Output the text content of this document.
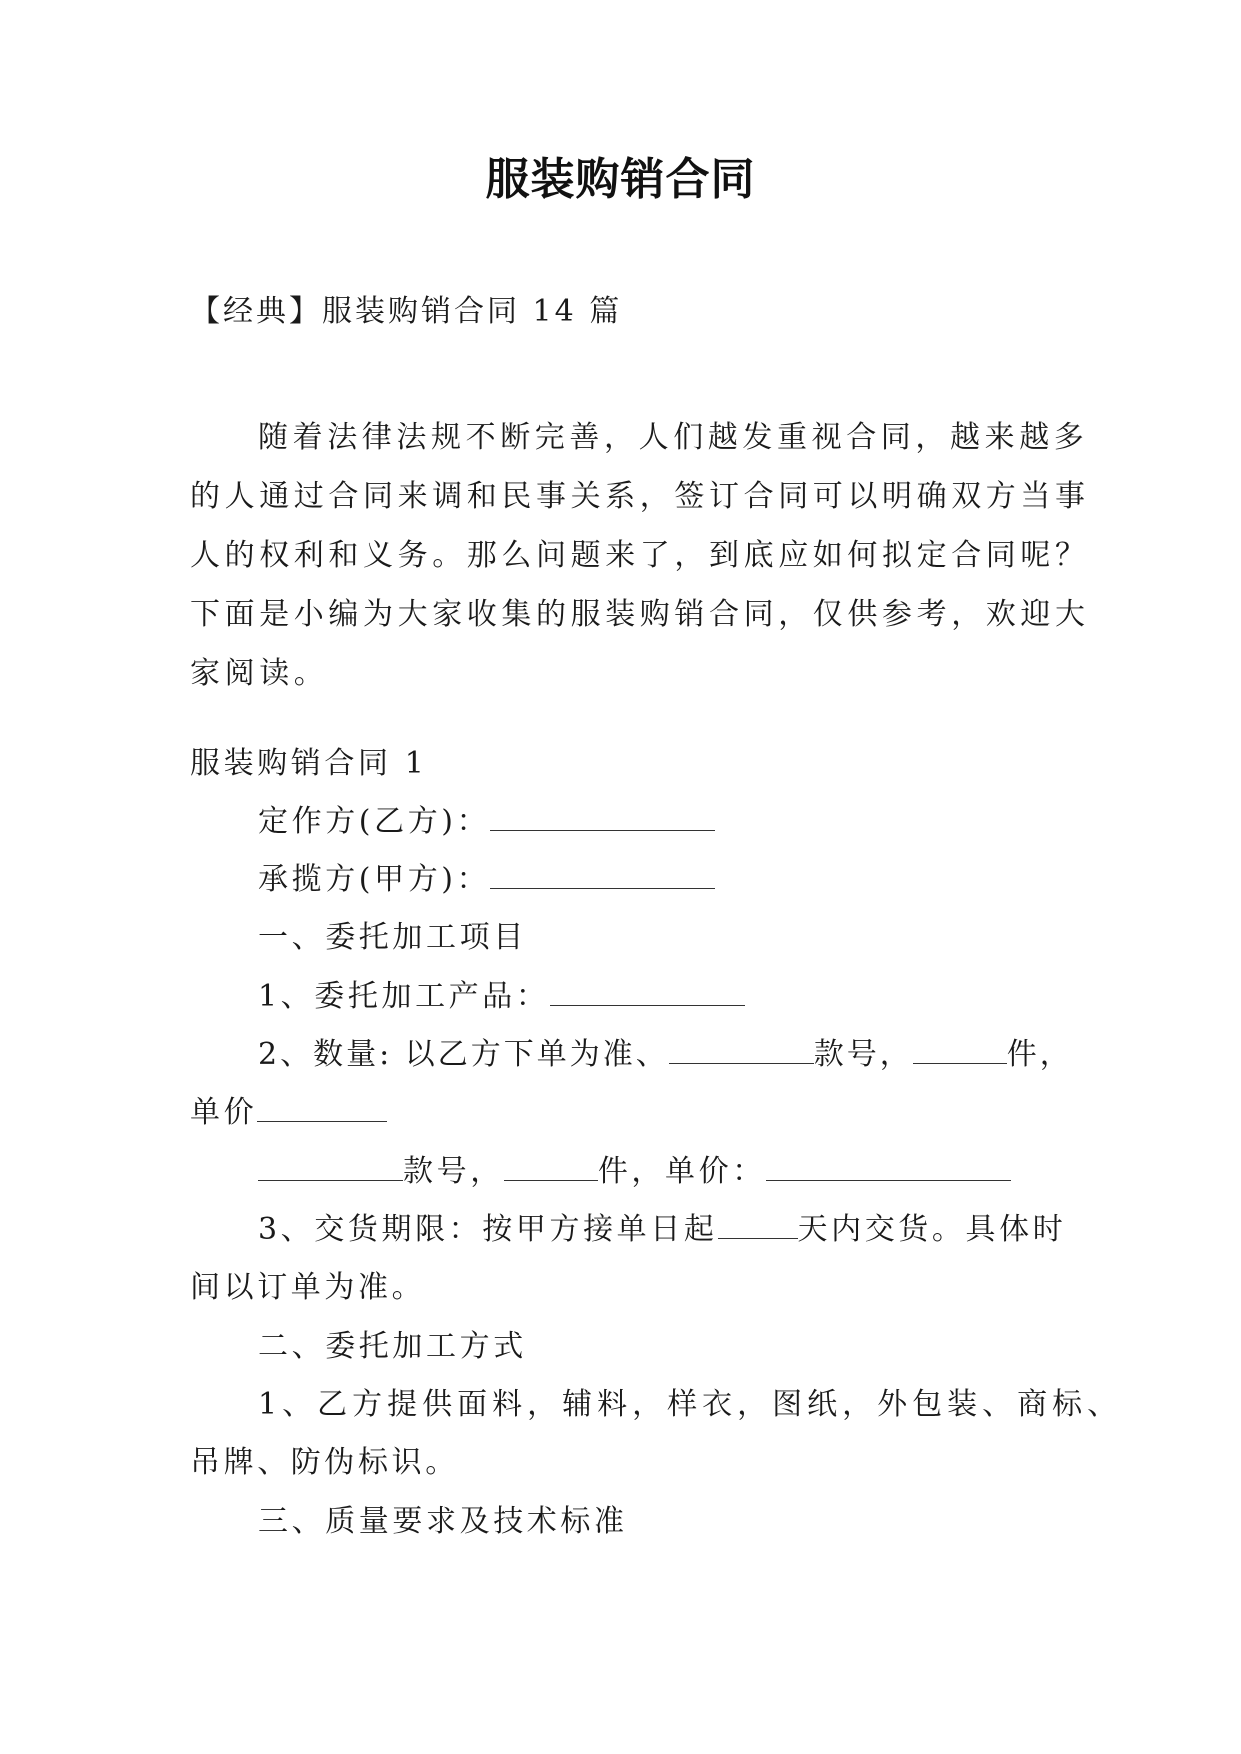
服装购销合同
【经典】服装购销合同 14 篇
随着法律法规不断完善，人们越发重视合同，越来越多
的人通过合同来调和民事关系，签订合同可以明确双方当事
人的权利和义务。那么问题来了，到底应如何拟定合同呢？
下面是小编为大家收集的服装购销合同，仅供参考，欢迎大
家阅读。
服装购销合同 1
定作方(乙方)：
承揽方(甲方)：
一、委托加工项目
1、委托加工产品：
2、数量: 以乙方下单为准、	款号，	件，
单价
款号，	件，单价：
3、交货期限：按甲方接单日起	天内交货。具体时
间以订单为准。
二、委托加工方式
1、乙方提供面料，辅料，样衣，图纸，外包装、商标、
吊牌、防伪标识。
三、质量要求及技术标准
